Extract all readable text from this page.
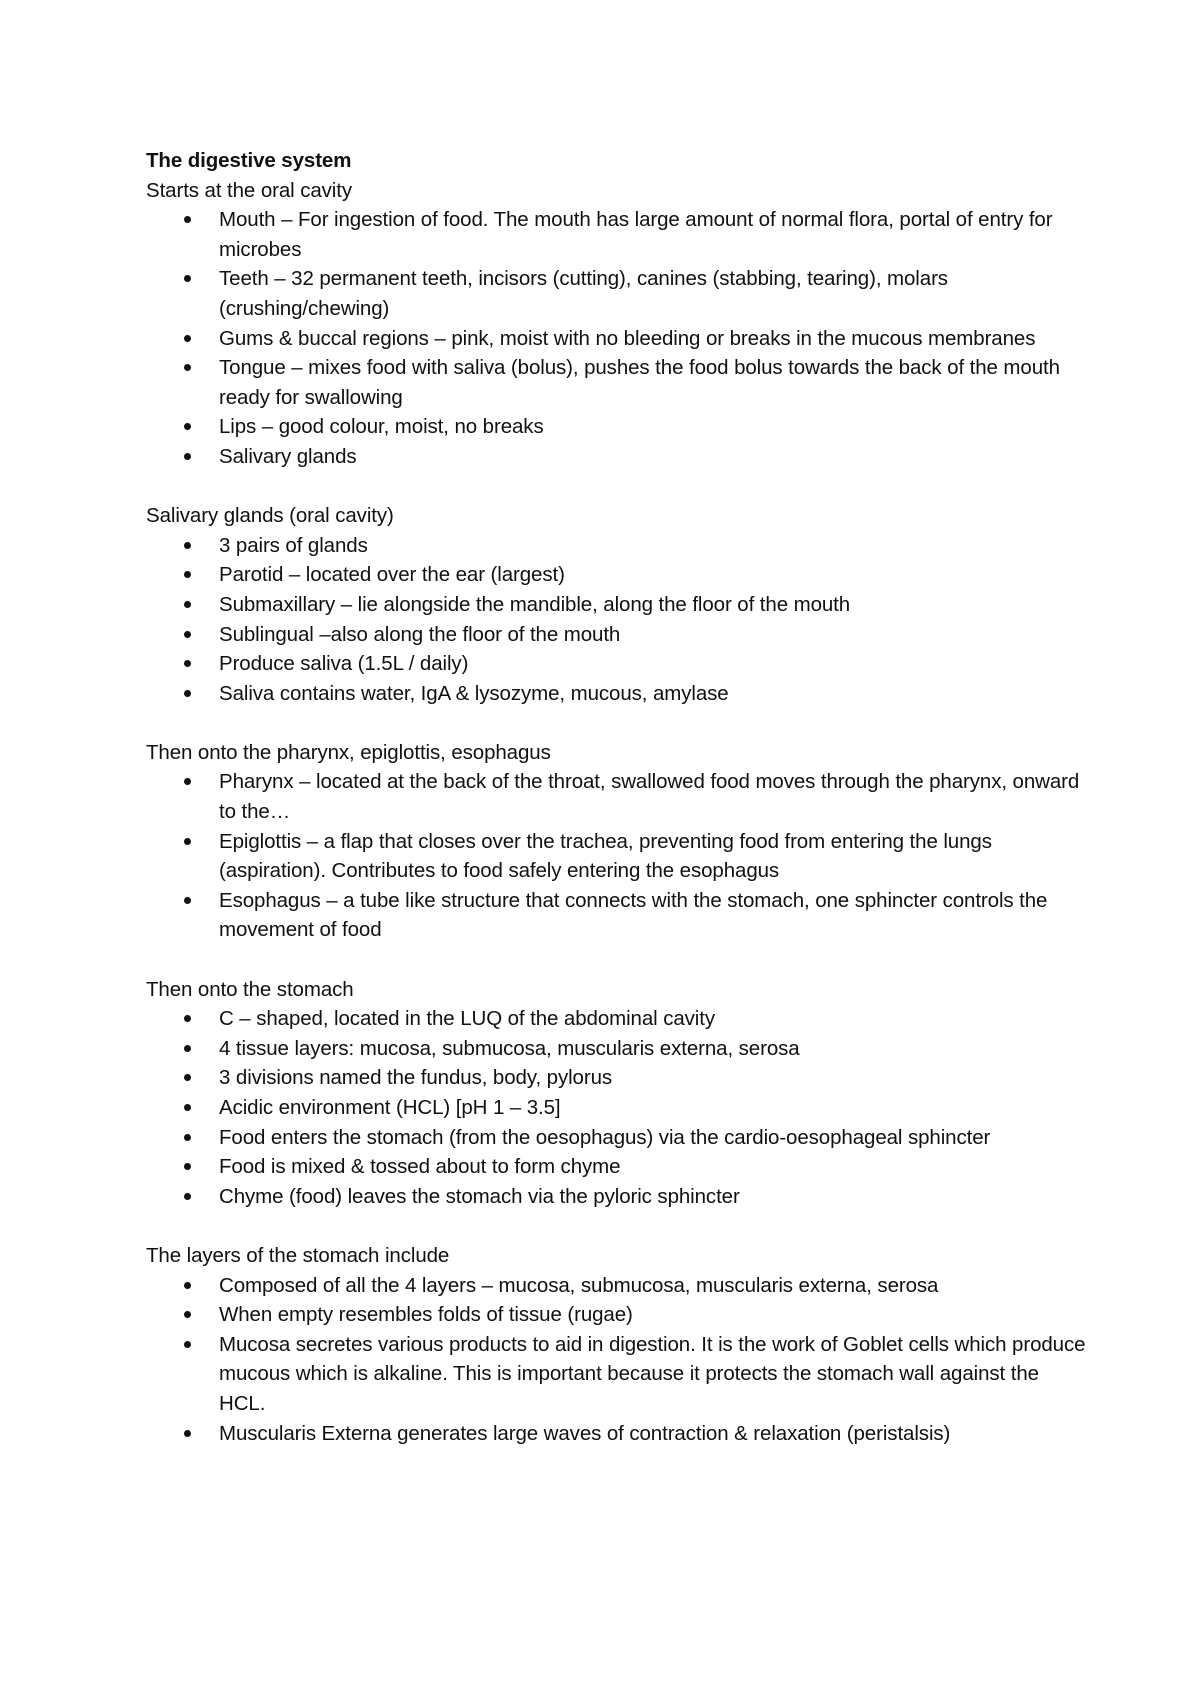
The digestive system

Starts at the oral cavity

Mouth – For ingestion of food. The mouth has large amount of normal flora, portal of entry for microbes
Teeth – 32 permanent teeth, incisors (cutting), canines (stabbing, tearing), molars (crushing/chewing)
Gums & buccal regions – pink, moist with no bleeding or breaks in the mucous membranes
Tongue – mixes food with saliva (bolus), pushes the food bolus towards the back of the mouth ready for swallowing
Lips – good colour, moist, no breaks
Salivary glands

Salivary glands (oral cavity)

3 pairs of glands
Parotid – located over the ear (largest)
Submaxillary – lie alongside the mandible, along the floor of the mouth
Sublingual –also along the floor of the mouth
Produce saliva (1.5L / daily)
Saliva contains water, IgA & lysozyme, mucous, amylase

Then onto the pharynx, epiglottis, esophagus

Pharynx – located at the back of the throat, swallowed food moves through the pharynx, onward to the…
Epiglottis – a flap that closes over the trachea, preventing food from entering the lungs (aspiration). Contributes to food safely entering the esophagus
Esophagus – a tube like structure that connects with the stomach, one sphincter controls the movement of food

Then onto the stomach

C – shaped, located in the LUQ of the abdominal cavity
4 tissue layers: mucosa, submucosa, muscularis externa, serosa
3 divisions named the fundus, body, pylorus
Acidic environment (HCL) [pH 1 – 3.5]
Food enters the stomach (from the oesophagus) via the cardio-oesophageal sphincter
Food is mixed & tossed about to form chyme
Chyme (food) leaves the stomach via the pyloric sphincter

The layers of the stomach include

Composed of all the 4 layers – mucosa, submucosa, muscularis externa, serosa
When empty resembles folds of tissue (rugae)
Mucosa secretes various products to aid in digestion. It is the work of Goblet cells which produce mucous which is alkaline. This is important because it protects the stomach wall against the HCL.
Muscularis Externa generates large waves of contraction & relaxation (peristalsis)
